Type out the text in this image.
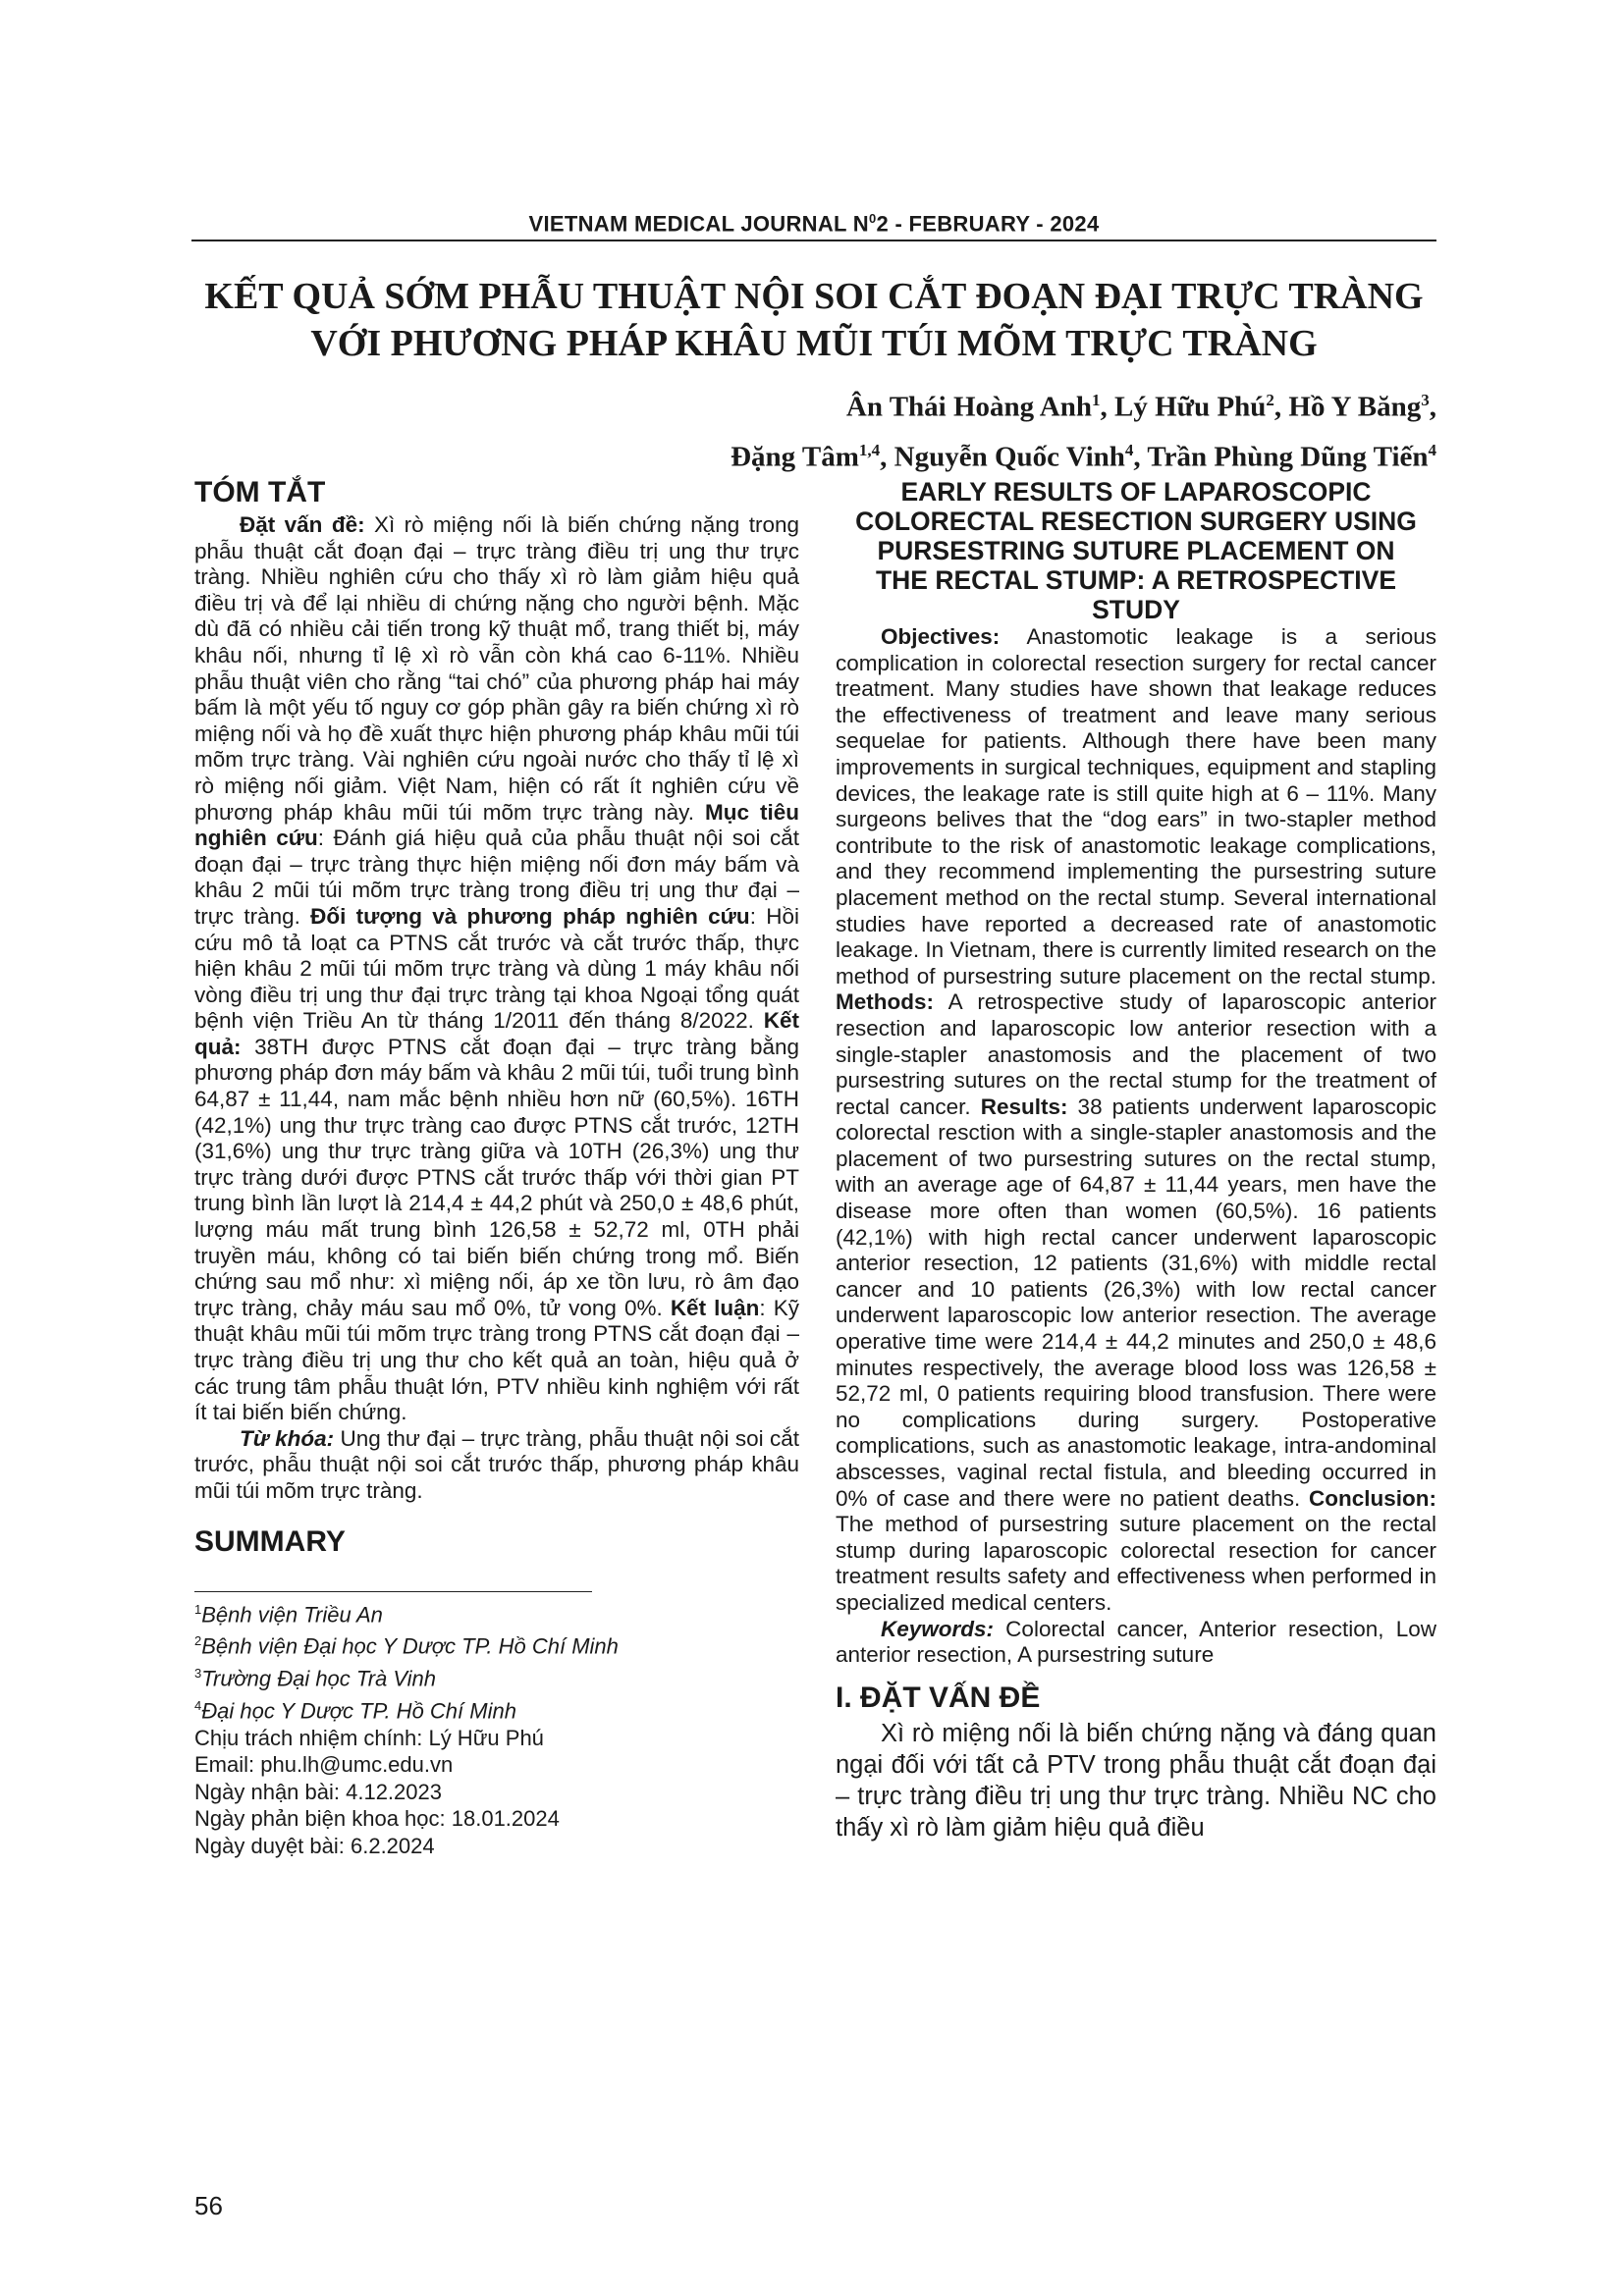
VIETNAM MEDICAL JOURNAL $N^02$ - FEBRUARY - 2024
KẾT QUẢ SỚM PHẪU THUẬT NỘI SOI CẮT ĐOẠN ĐẠI TRỰC TRÀNG
VỚI PHƯƠNG PHÁP KHÂU MŨI TÚI MÕM TRỰC TRÀNG
Ân Thái Hoàng Anh$^1$, Lý Hữu Phú$^2$, Hồ Y Băng$^3$,
Đặng Tâm$^{1,4}$, Nguyễn Quốc Vinh$^4$, Trần Phùng Dũng Tiến$^4$
TÓM TẮT

Đặt vấn đề: Xì rò miệng nối là biến chứng nặng trong phẫu thuật cắt đoạn đại – trực tràng điều trị ung thư trực tràng. Nhiều nghiên cứu cho thấy xì rò làm giảm hiệu quả điều trị và để lại nhiều di chứng nặng cho người bệnh. Mặc dù đã có nhiều cải tiến trong kỹ thuật mổ, trang thiết bị, máy khâu nối, nhưng tỉ lệ xì rò vẫn còn khá cao 6-11%. Nhiều phẫu thuật viên cho rằng “tai chó” của phương pháp hai máy bấm là một yếu tố nguy cơ góp phần gây ra biến chứng xì rò miệng nối và họ đề xuất thực hiện phương pháp khâu mũi túi mõm trực tràng. Vài nghiên cứu ngoài nước cho thấy tỉ lệ xì rò miệng nối giảm. Việt Nam, hiện có rất ít nghiên cứu về phương pháp khâu mũi túi mõm trực tràng này. Mục tiêu nghiên cứu: Đánh giá hiệu quả của phẫu thuật nội soi cắt đoạn đại – trực tràng thực hiện miệng nối đơn máy bấm và khâu 2 mũi túi mõm trực tràng trong điều trị ung thư đại – trực tràng. Đối tượng và phương pháp nghiên cứu: Hồi cứu mô tả loạt ca PTNS cắt trước và cắt trước thấp, thực hiện khâu 2 mũi túi mõm trực tràng và dùng 1 máy khâu nối vòng điều trị ung thư đại trực tràng tại khoa Ngoại tổng quát bệnh viện Triều An từ tháng 1/2011 đến tháng 8/2022. Kết quả: 38TH được PTNS cắt đoạn đại – trực tràng bằng phương pháp đơn máy bấm và khâu 2 mũi túi, tuổi trung bình 64,87 ± 11,44, nam mắc bệnh nhiều hơn nữ (60,5%). 16TH (42,1%) ung thư trực tràng cao được PTNS cắt trước, 12TH (31,6%) ung thư trực tràng giữa và 10TH (26,3%) ung thư trực tràng dưới được PTNS cắt trước thấp với thời gian PT trung bình lần lượt là 214,4 ± 44,2 phút và 250,0 ± 48,6 phút, lượng máu mất trung bình 126,58 ± 52,72 ml, 0TH phải truyền máu, không có tai biến biến chứng trong mổ. Biến chứng sau mổ như: xì miệng nối, áp xe tồn lưu, rò âm đạo trực tràng, chảy máu sau mổ 0%, tử vong 0%. Kết luận: Kỹ thuật khâu mũi túi mõm trực tràng trong PTNS cắt đoạn đại – trực tràng điều trị ung thư cho kết quả an toàn, hiệu quả ở các trung tâm phẫu thuật lớn, PTV nhiều kinh nghiệm với rất ít tai biến biến chứng.

Từ khóa: Ung thư đại – trực tràng, phẫu thuật nội soi cắt trước, phẫu thuật nội soi cắt trước thấp, phương pháp khâu mũi túi mõm trực tràng.

SUMMARY
$^1$Bệnh viện Triều An
$^2$Bệnh viện Đại học Y Dược TP. Hồ Chí Minh
$^3$Trường Đại học Trà Vinh
$^4$Đại học Y Dược TP. Hồ Chí Minh
Chịu trách nhiệm chính: Lý Hữu Phú
Email: phu.lh@umc.edu.vn
Ngày nhận bài: 4.12.2023
Ngày phản biện khoa học: 18.01.2024
Ngày duyệt bài: 6.2.2024
EARLY RESULTS OF LAPAROSCOPIC
COLORECTAL RESECTION SURGERY USING
PURSESTRING SUTURE PLACEMENT ON
THE RECTAL STUMP: A RETROSPECTIVE STUDY

Objectives: Anastomotic leakage is a serious complication in colorectal resection surgery for rectal cancer treatment. Many studies have shown that leakage reduces the effectiveness of treatment and leave many serious sequelae for patients. Although there have been many improvements in surgical techniques, equipment and stapling devices, the leakage rate is still quite high at 6 – 11%. Many surgeons belives that the “dog ears” in two-stapler method contribute to the risk of anastomotic leakage complications, and they recommend implementing the pursestring suture placement method on the rectal stump. Several international studies have reported a decreased rate of anastomotic leakage. In Vietnam, there is currently limited research on the method of pursestring suture placement on the rectal stump. Methods: A retrospective study of laparoscopic anterior resection and laparoscopic low anterior resection with a single-stapler anastomosis and the placement of two pursestring sutures on the rectal stump for the treatment of rectal cancer. Results: 38 patients underwent laparoscopic colorectal resction with a single-stapler anastomosis and the placement of two pursestring sutures on the rectal stump, with an average age of 64,87 ± 11,44 years, men have the disease more often than women (60,5%). 16 patients (42,1%) with high rectal cancer underwent laparoscopic anterior resection, 12 patients (31,6%) with middle rectal cancer and 10 patients (26,3%) with low rectal cancer underwent laparoscopic low anterior resection. The average operative time were 214,4 ± 44,2 minutes and 250,0 ± 48,6 minutes respectively, the average blood loss was 126,58 ± 52,72 ml, 0 patients requiring blood transfusion. There were no complications during surgery. Postoperative complications, such as anastomotic leakage, intra-andominal abscesses, vaginal rectal fistula, and bleeding occurred in 0% of case and there were no patient deaths. Conclusion: The method of pursestring suture placement on the rectal stump during laparoscopic colorectal resection for cancer treatment results safety and effectiveness when performed in specialized medical centers.

Keywords: Colorectal cancer, Anterior resection, Low anterior resection, A pursestring suture

I. ĐẶT VẤN ĐỀ

Xì rò miệng nối là biến chứng nặng và đáng quan ngại đối với tất cả PTV trong phẫu thuật cắt đoạn đại – trực tràng điều trị ung thư trực tràng. Nhiều NC cho thấy xì rò làm giảm hiệu quả điều

56
